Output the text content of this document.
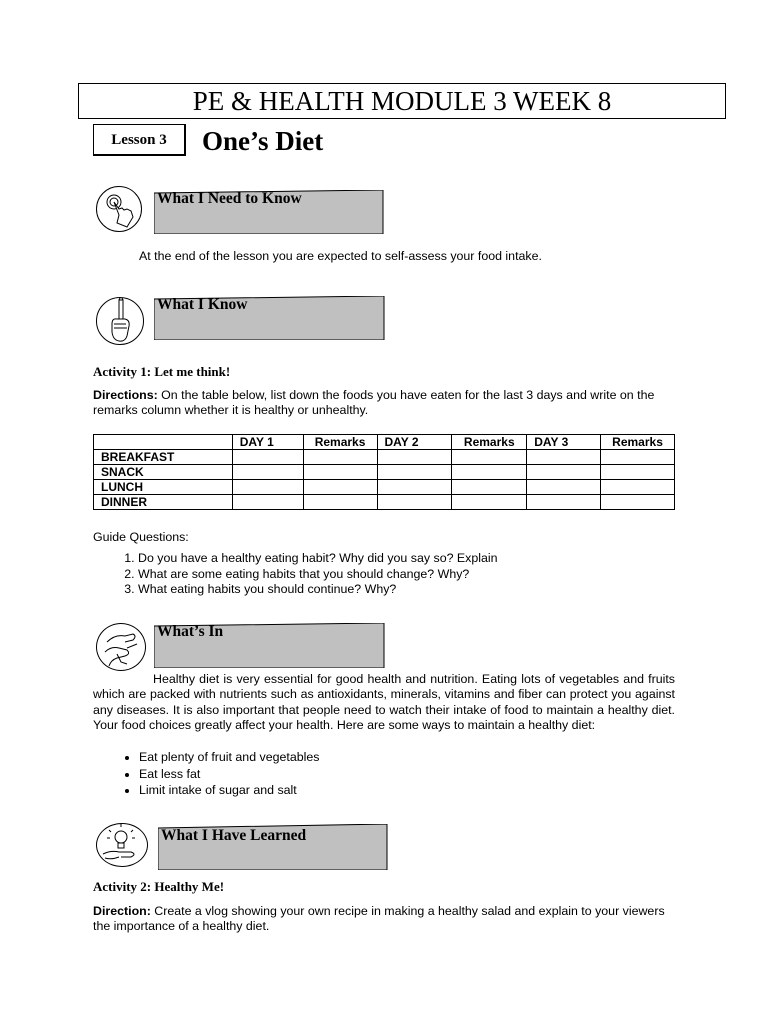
PE & HEALTH MODULE 3 WEEK 8
Lesson 3	One’s Diet
What I Need to Know
At the end of the lesson you are expected to self-assess your food intake.
What I Know
Activity 1: Let me think!
Directions: On the table below, list down the foods you have eaten for the last 3 days and write on the remarks column whether it is healthy or unhealthy.
	DAY 1	Remarks	DAY 2	Remarks	DAY 3	Remarks
BREAKFAST						
SNACK						
LUNCH						
DINNER						
Guide Questions:
1. Do you have a healthy eating habit? Why did you say so? Explain
2. What are some eating habits that you should change? Why?
3. What eating habits you should continue? Why?
What’s In
Healthy diet is very essential for good health and nutrition. Eating lots of vegetables and fruits which are packed with nutrients such as antioxidants, minerals, vitamins and fiber can protect you against any diseases. It is also important that people need to watch their intake of food to maintain a healthy diet. Your food choices greatly affect your health. Here are some ways to maintain a healthy diet:
• Eat plenty of fruit and vegetables
• Eat less fat
• Limit intake of sugar and salt
What I Have Learned
Activity 2: Healthy Me!
Direction: Create a vlog showing your own recipe in making a healthy salad and explain to your viewers the importance of a healthy diet.
